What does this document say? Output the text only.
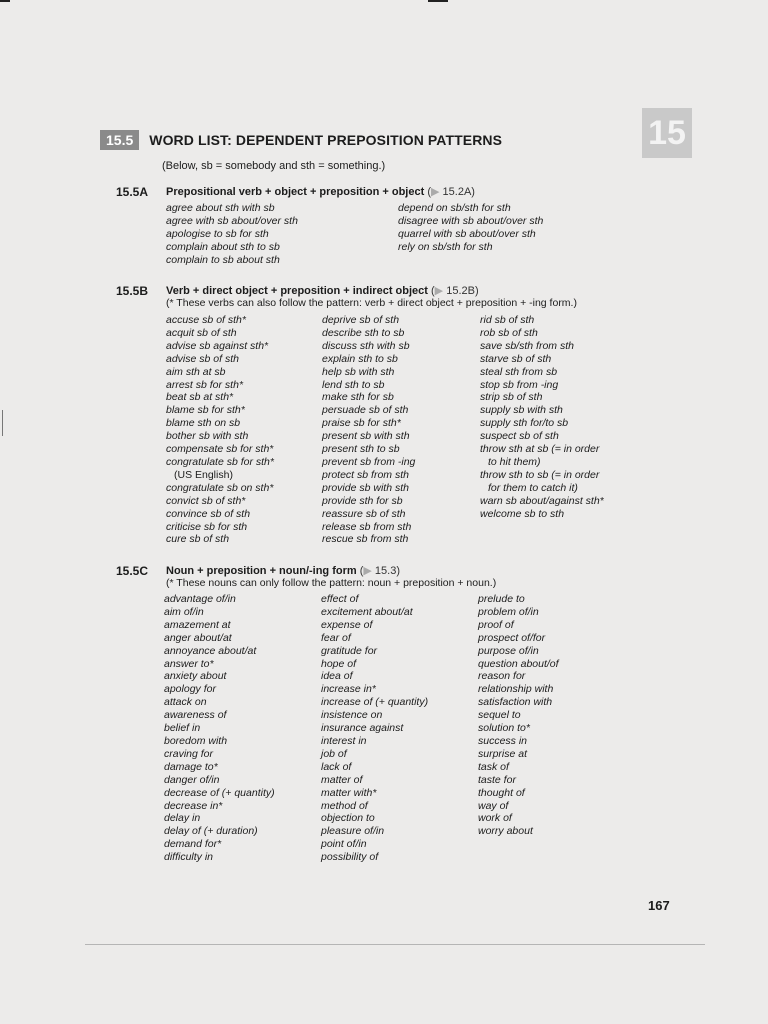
15
15.5	WORD LIST: DEPENDENT PREPOSITION PATTERNS
(Below, sb = somebody and sth = something.)
15.5A Prepositional verb + object + preposition + object (▶ 15.2A)
agree about sth with sb
agree with sb about/over sth
apologise to sb for sth
complain about sth to sb
complain to sb about sth
depend on sb/sth for sth
disagree with sb about/over sth
quarrel with sb about/over sth
rely on sb/sth for sth
15.5B Verb + direct object + preposition + indirect object (▶ 15.2B)
(* These verbs can also follow the pattern: verb + direct object + preposition + -ing form.)
accuse sb of sth*
acquit sb of sth
advise sb against sth*
advise sb of sth
aim sth at sb
arrest sb for sth*
beat sb at sth*
blame sb for sth*
blame sth on sb
bother sb with sth
compensate sb for sth*
congratulate sb for sth*
(US English)
congratulate sb on sth*
convict sb of sth*
convince sb of sth
criticise sb for sth
cure sb of sth
deprive sb of sth
describe sth to sb
discuss sth with sb
explain sth to sb
help sb with sth
lend sth to sb
make sth for sb
persuade sb of sth
praise sb for sth*
present sb with sth
present sth to sb
prevent sb from -ing
protect sb from sth
provide sb with sth
provide sth for sb
reassure sb of sth
release sb from sth
rescue sb from sth
rid sb of sth
rob sb of sth
save sb/sth from sth
starve sb of sth
steal sth from sb
stop sb from -ing
strip sb of sth
supply sb with sth
supply sth for/to sb
suspect sb of sth
throw sth at sb (= in order
to hit them)
throw sth to sb (= in order
for them to catch it)
warn sb about/against sth*
welcome sb to sth
15.5C Noun + preposition + noun/-ing form (▶ 15.3)
(* These nouns can only follow the pattern: noun + preposition + noun.)
advantage of/in
aim of/in
amazement at
anger about/at
annoyance about/at
answer to*
anxiety about
apology for
attack on
awareness of
belief in
boredom with
craving for
damage to*
danger of/in
decrease of (+ quantity)
decrease in*
delay in
delay of (+ duration)
demand for*
difficulty in
effect of
excitement about/at
expense of
fear of
gratitude for
hope of
idea of
increase in*
increase of (+ quantity)
insistence on
insurance against
interest in
job of
lack of
matter of
matter with*
method of
objection to
pleasure of/in
point of/in
possibility of
prelude to
problem of/in
proof of
prospect of/for
purpose of/in
question about/of
reason for
relationship with
satisfaction with
sequel to
solution to*
success in
surprise at
task of
taste for
thought of
way of
work of
worry about
167
